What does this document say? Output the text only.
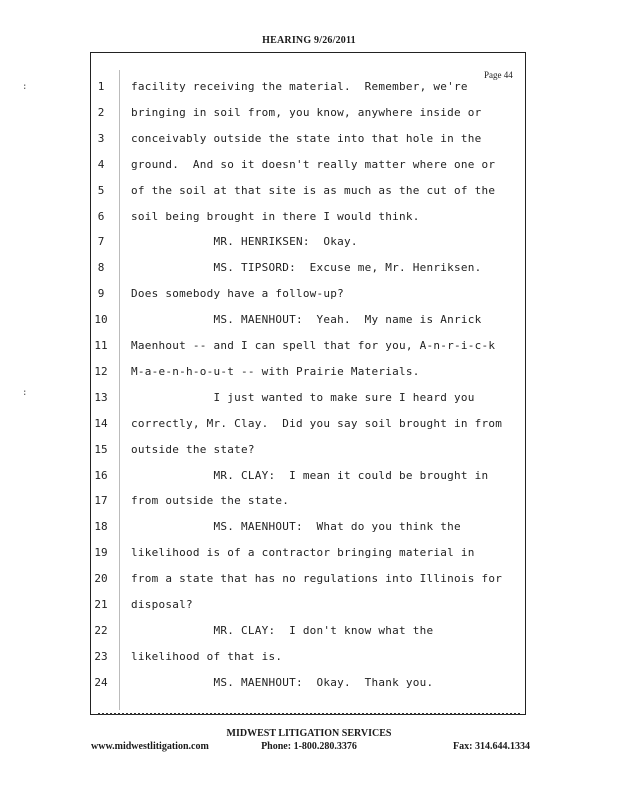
HEARING 9/26/2011
Page 44
:
:
1	facility receiving the material.  Remember, we're
2	bringing in soil from, you know, anywhere inside or
3	conceivably outside the state into that hole in the
4	ground.  And so it doesn't really matter where one or
5	of the soil at that site is as much as the cut of the
6	soil being brought in there I would think.
7	MR. HENRIKSEN:  Okay.
8	MS. TIPSORD:  Excuse me, Mr. Henriksen.
9	Does somebody have a follow-up?
10	MS. MAENHOUT:  Yeah.  My name is Anrick
11	Maenhout -- and I can spell that for you, A-n-r-i-c-k
12	M-a-e-n-h-o-u-t -- with Prairie Materials.
13	I just wanted to make sure I heard you
14	correctly, Mr. Clay.  Did you say soil brought in from
15	outside the state?
16	MR. CLAY:  I mean it could be brought in
17	from outside the state.
18	MS. MAENHOUT:  What do you think the
19	likelihood is of a contractor bringing material in
20	from a state that has no regulations into Illinois for
21	disposal?
22	MR. CLAY:  I don't know what the
23	likelihood of that is.
24	MS. MAENHOUT:  Okay.  Thank you.
MIDWEST LITIGATION SERVICES
www.midwestlitigation.com	Phone: 1-800.280.3376	Fax: 314.644.1334
